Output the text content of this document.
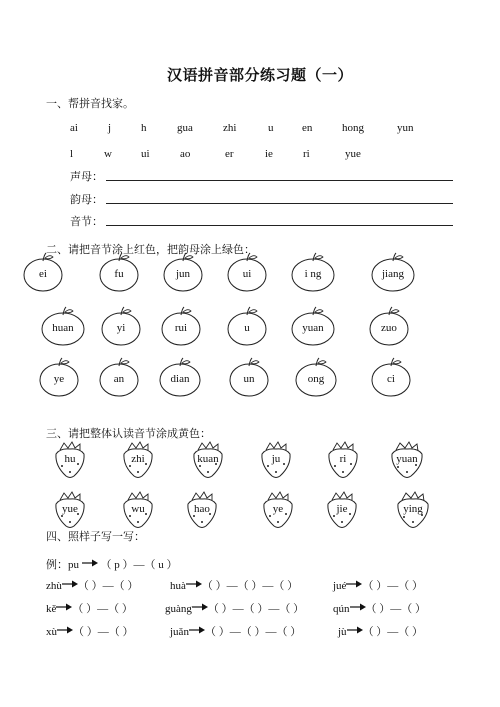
汉语拼音部分练习题（一）
一、帮拼音找家。
ai	j	h	gua	zhi	u	en	hong	yun
l	w	ui	ao	er	ie	ri	yue
声母：
韵母：
音节：
二、请把音节涂上红色，把韵母涂上绿色：
ei	fu	jun	ui	i ng	jiang
huan	yi	rui	u	yuan	zuo
ye	an	dian	un	ong	ci
三、请把整体认读音节涂成黄色：
hu	zhi	kuan	ju	ri	yuan
yue	wu	hao	ye	jie	ying
四、照样子写一写：
例：pu （ p ）—（ u ）
zhù （ ）—（ ）	huà （ ）—（ ）—（ ）	jué （ ）—（ ）
kě （ ）—（ ）	guàng （ ）—（ ）—（ ）	qún （ ）—（ ）
xù （ ）—（ ）	juǎn （ ）—（ ）—（ ）	jù （ ）—（ ）
